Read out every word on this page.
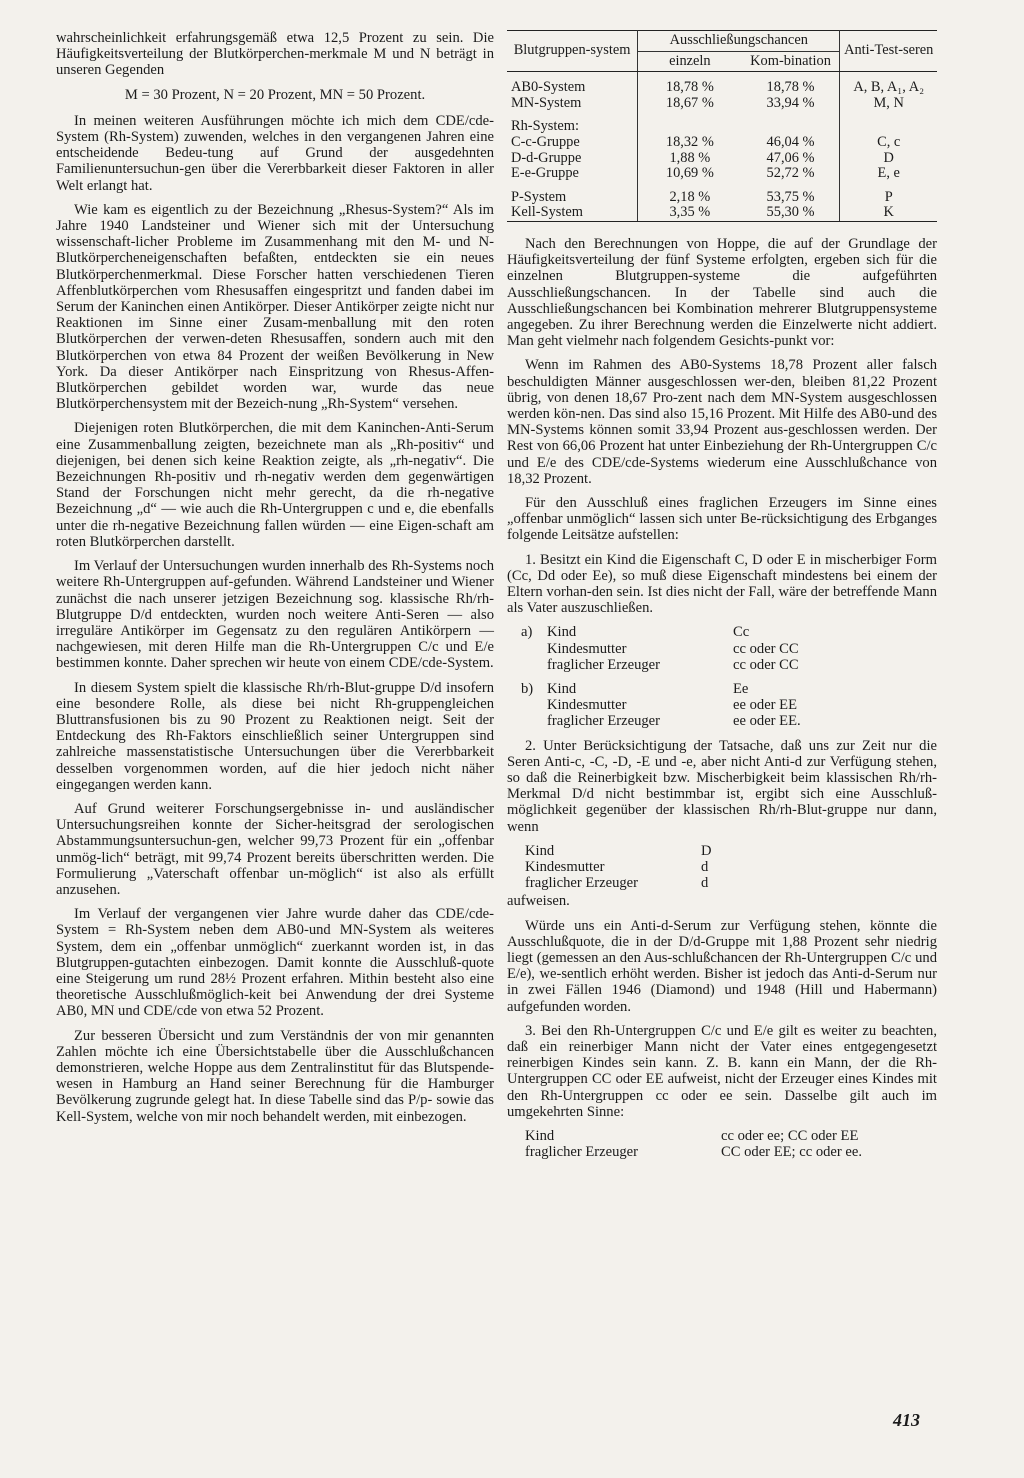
wahrscheinlichkeit erfahrungsgemäß etwa 12,5 Prozent zu sein. Die Häufigkeitsverteilung der Blutkörperchen-merkmale M und N beträgt in unseren Gegenden

M = 30 Prozent, N = 20 Prozent, MN = 50 Prozent.

In meinen weiteren Ausführungen möchte ich mich dem CDE/cde-System (Rh-System) zuwenden, welches in den vergangenen Jahren eine entscheidende Bedeu-tung auf Grund der ausgedehnten Familienuntersuchun-gen über die Vererbbarkeit dieser Faktoren in aller Welt erlangt hat.

Wie kam es eigentlich zu der Bezeichnung „Rhesus-System?“ Als im Jahre 1940 Landsteiner und Wiener sich mit der Untersuchung wissenschaft-licher Probleme im Zusammenhang mit den M- und N-Blutkörpercheneigenschaften befaßten, entdeckten sie ein neues Blutkörperchenmerkmal. Diese Forscher hatten verschiedenen Tieren Affenblutkörperchen vom Rhesusaffen eingespritzt und fanden dabei im Serum der Kaninchen einen Antikörper. Dieser Antikörper zeigte nicht nur Reaktionen im Sinne einer Zusam-menballung mit den roten Blutkörperchen der verwen-deten Rhesusaffen, sondern auch mit den Blutkörperchen von etwa 84 Prozent der weißen Bevölkerung in New York. Da dieser Antikörper nach Einspritzung von Rhesus-Affen-Blutkörperchen gebildet worden war, wurde das neue Blutkörperchensystem mit der Bezeich-nung „Rh-System“ versehen.

Diejenigen roten Blutkörperchen, die mit dem Kaninchen-Anti-Serum eine Zusammenballung zeigten, bezeichnete man als „Rh-positiv“ und diejenigen, bei denen sich keine Reaktion zeigte, als „rh-negativ“. Die Bezeichnungen Rh-positiv und rh-negativ werden dem gegenwärtigen Stand der Forschungen nicht mehr gerecht, da die rh-negative Bezeichnung „d“ — wie auch die Rh-Untergruppen c und e, die ebenfalls unter die rh-negative Bezeichnung fallen würden — eine Eigen-schaft am roten Blutkörperchen darstellt.

Im Verlauf der Untersuchungen wurden innerhalb des Rh-Systems noch weitere Rh-Untergruppen auf-gefunden. Während Landsteiner und Wiener zunächst die nach unserer jetzigen Bezeichnung sog. klassische Rh/rh-Blutgruppe D/d entdeckten, wurden noch weitere Anti-Seren — also irreguläre Antikörper im Gegensatz zu den regulären Antikörpern — nachgewiesen, mit deren Hilfe man die Rh-Untergruppen C/c und E/e bestimmen konnte. Daher sprechen wir heute von einem CDE/cde-System.

In diesem System spielt die klassische Rh/rh-Blut-gruppe D/d insofern eine besondere Rolle, als diese bei nicht Rh-gruppengleichen Bluttransfusionen bis zu 90 Prozent zu Reaktionen neigt. Seit der Entdeckung des Rh-Faktors einschließlich seiner Untergruppen sind zahlreiche massenstatistische Untersuchungen über die Vererbbarkeit desselben vorgenommen worden, auf die hier jedoch nicht näher eingegangen werden kann.

Auf Grund weiterer Forschungsergebnisse in- und ausländischer Untersuchungsreihen konnte der Sicher-heitsgrad der serologischen Abstammungsuntersuchun-gen, welcher 99,73 Prozent für ein „offenbar unmög-lich“ beträgt, mit 99,74 Prozent bereits überschritten werden. Die Formulierung „Vaterschaft offenbar un-möglich“ ist also als erfüllt anzusehen.

Im Verlauf der vergangenen vier Jahre wurde daher das CDE/cde-System = Rh-System neben dem AB0-und MN-System als weiteres System, dem ein „offenbar unmöglich“ zuerkannt worden ist, in das Blutgruppen-gutachten einbezogen. Damit konnte die Ausschluß-quote eine Steigerung um rund 28½ Prozent erfahren. Mithin besteht also eine theoretische Ausschlußmöglich-keit bei Anwendung der drei Systeme AB0, MN und CDE/cde von etwa 52 Prozent.

Zur besseren Übersicht und zum Verständnis der von mir genannten Zahlen möchte ich eine Übersichtstabelle über die Ausschlußchancen demonstrieren, welche Hoppe aus dem Zentralinstitut für das Blutspende-wesen in Hamburg an Hand seiner Berechnung für die Hamburger Bevölkerung zugrunde gelegt hat. In diese Tabelle sind das P/p- sowie das Kell-System, welche von mir noch behandelt werden, mit einbezogen.

Blutgruppen-system	Ausschließungschancen		Anti-Test-seren
	einzeln	Kom-bination	

AB0-System	18,78 %	18,78 %	A, B, A₁, A₂
MN-System	18,67 %	33,94 %	M, N

Rh-System:			
C-c-Gruppe	18,32 %	46,04 %	C, c
D-d-Gruppe	1,88 %	47,06 %	D
E-e-Gruppe	10,69 %	52,72 %	E, e

P-System	2,18 %	53,75 %	P
Kell-System	3,35 %	55,30 %	K

Nach den Berechnungen von Hoppe, die auf der Grundlage der Häufigkeitsverteilung der fünf Systeme erfolgten, ergeben sich für die einzelnen Blutgruppen-systeme die aufgeführten Ausschließungschancen. In der Tabelle sind auch die Ausschließungschancen bei Kombination mehrerer Blutgruppensysteme angegeben. Zu ihrer Berechnung werden die Einzelwerte nicht addiert. Man geht vielmehr nach folgendem Gesichts-punkt vor:

Wenn im Rahmen des AB0-Systems 18,78 Prozent aller falsch beschuldigten Männer ausgeschlossen wer-den, bleiben 81,22 Prozent übrig, von denen 18,67 Pro-zent nach dem MN-System ausgeschlossen werden kön-nen. Das sind also 15,16 Prozent. Mit Hilfe des AB0-und des MN-Systems können somit 33,94 Prozent aus-geschlossen werden. Der Rest von 66,06 Prozent hat unter Einbeziehung der Rh-Untergruppen C/c und E/e des CDE/cde-Systems wiederum eine Ausschlußchance von 18,32 Prozent.

Für den Ausschluß eines fraglichen Erzeugers im Sinne eines „offenbar unmöglich“ lassen sich unter Be-rücksichtigung des Erbganges folgende Leitsätze aufstellen:

1. Besitzt ein Kind die Eigenschaft C, D oder E in mischerbiger Form (Cc, Dd oder Ee), so muß diese Eigenschaft mindestens bei einem der Eltern vorhan-den sein. Ist dies nicht der Fall, wäre der betreffende Mann als Vater auszuschließen.

a)	Kind	Cc
	Kindesmutter	cc oder CC
	fraglicher Erzeuger	cc oder CC
b)	Kind	Ee
	Kindesmutter	ee oder EE
	fraglicher Erzeuger	ee oder EE.

2. Unter Berücksichtigung der Tatsache, daß uns zur Zeit nur die Seren Anti-c, -C, -D, -E und -e, aber nicht Anti-d zur Verfügung stehen, so daß die Reinerbigkeit bzw. Mischerbigkeit beim klassischen Rh/rh-Merkmal D/d nicht bestimmbar ist, ergibt sich eine Ausschluß-möglichkeit gegenüber der klassischen Rh/rh-Blut-gruppe nur dann, wenn

Kind	D
Kindesmutter	d
fraglicher Erzeuger	d

aufweisen.

Würde uns ein Anti-d-Serum zur Verfügung stehen, könnte die Ausschlußquote, die in der D/d-Gruppe mit 1,88 Prozent sehr niedrig liegt (gemessen an den Aus-schlußchancen der Rh-Untergruppen C/c und E/e), we-sentlich erhöht werden. Bisher ist jedoch das Anti-d-Serum nur in zwei Fällen 1946 (Diamond) und 1948 (Hill und Habermann) aufgefunden worden.

3. Bei den Rh-Untergruppen C/c und E/e gilt es weiter zu beachten, daß ein reinerbiger Mann nicht der Vater eines entgegengesetzt reinerbigen Kindes sein kann. Z. B. kann ein Mann, der die Rh-Untergruppen CC oder EE aufweist, nicht der Erzeuger eines Kindes mit den Rh-Untergruppen cc oder ee sein. Dasselbe gilt auch im umgekehrten Sinne:

Kind	cc oder ee; CC oder EE
fraglicher Erzeuger	CC oder EE; cc oder ee.
413
